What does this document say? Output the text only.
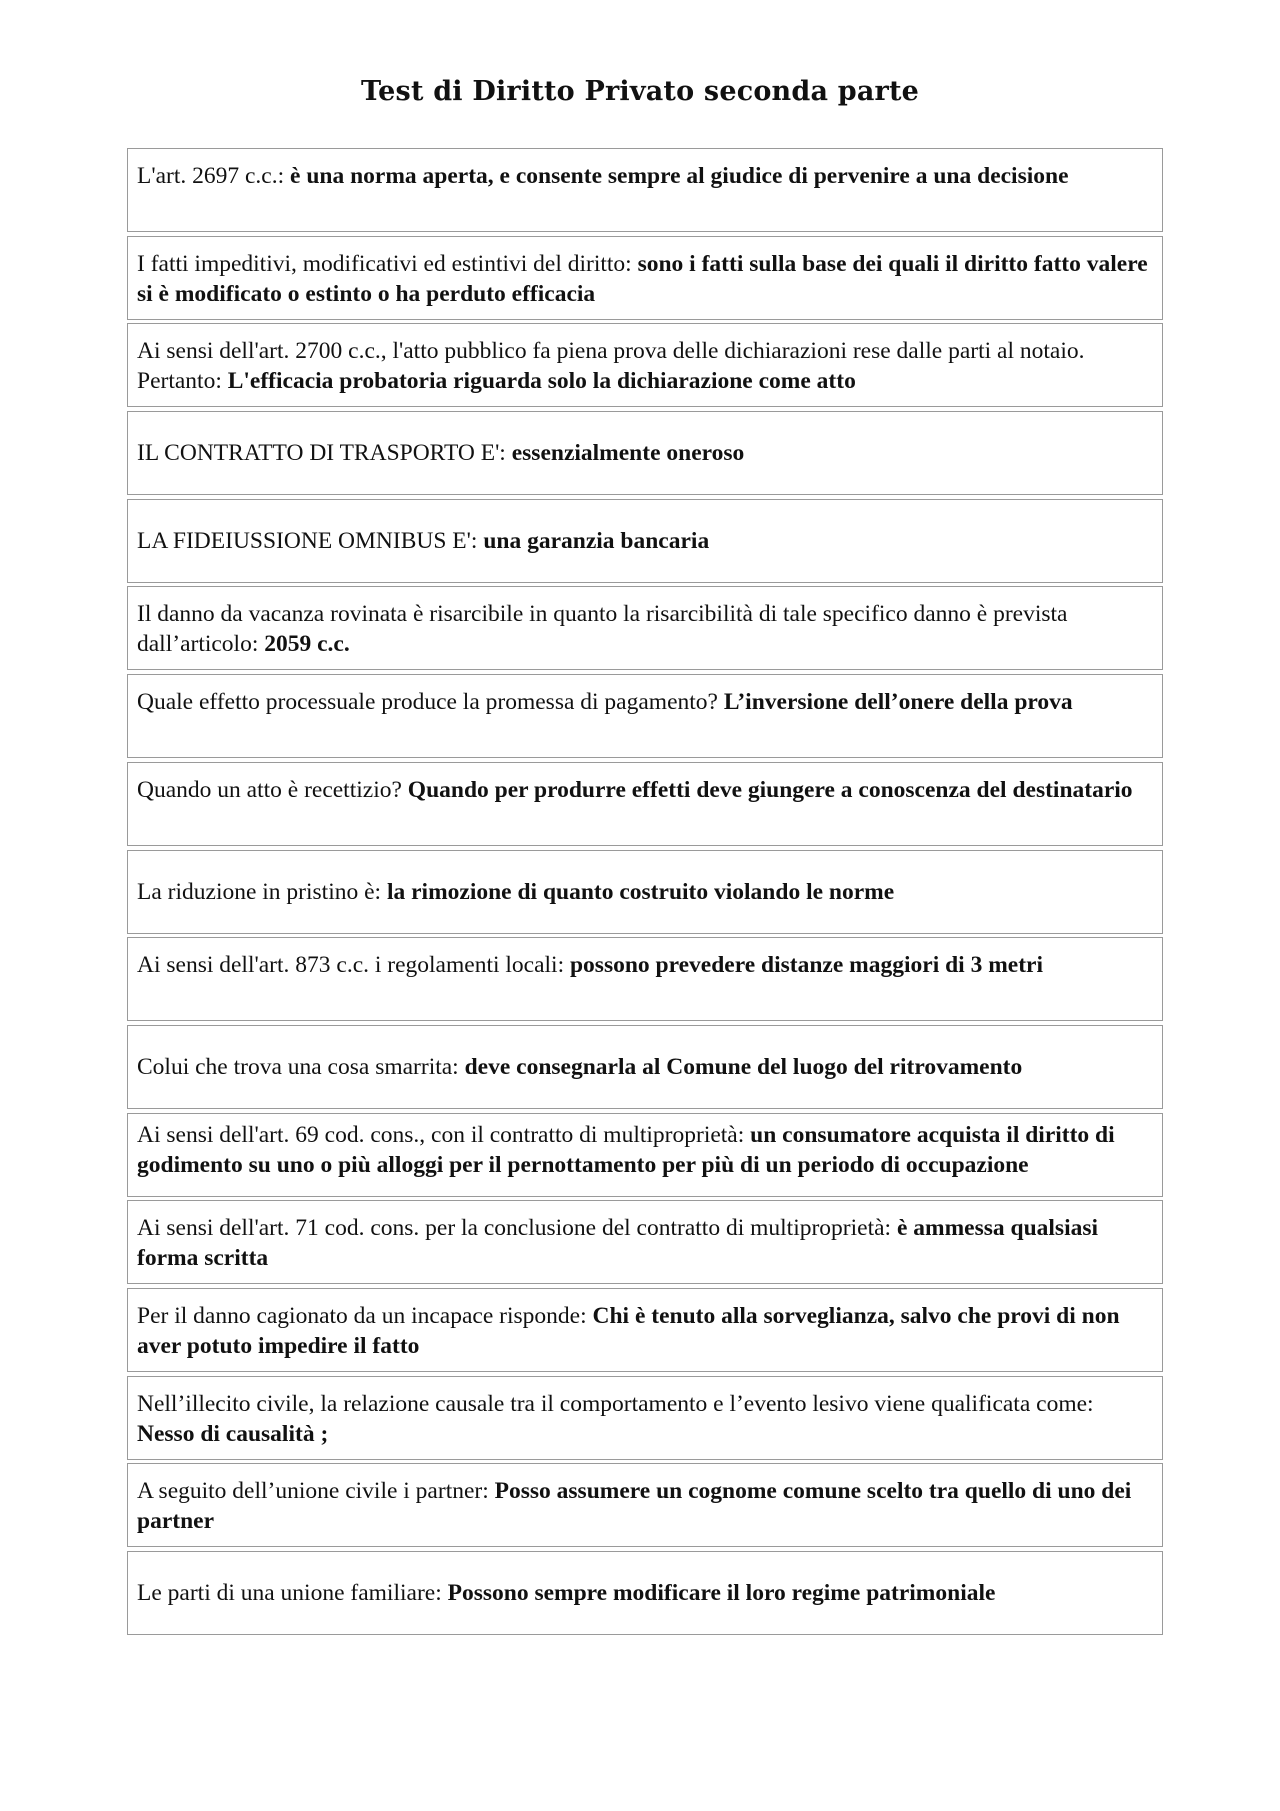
Test di Diritto Privato seconda parte

L'art. 2697 c.c.: è una norma aperta, e consente sempre al giudice di pervenire a una decisione

I fatti impeditivi, modificativi ed estintivi del diritto: sono i fatti sulla base dei quali il diritto fatto valere si è modificato o estinto o ha perduto efficacia

Ai sensi dell'art. 2700 c.c., l'atto pubblico fa piena prova delle dichiarazioni rese dalle parti al notaio. Pertanto: L'efficacia probatoria riguarda solo la dichiarazione come atto

IL CONTRATTO DI TRASPORTO E': essenzialmente oneroso

LA FIDEIUSSIONE OMNIBUS E': una garanzia bancaria

Il danno da vacanza rovinata è risarcibile in quanto la risarcibilità di tale specifico danno è prevista dall’articolo: 2059 c.c.

Quale effetto processuale produce la promessa di pagamento? L’inversione dell’onere della prova

Quando un atto è recettizio? Quando per produrre effetti deve giungere a conoscenza del destinatario

La riduzione in pristino è: la rimozione di quanto costruito violando le norme

Ai sensi dell'art. 873 c.c. i regolamenti locali: possono prevedere distanze maggiori di 3 metri

Colui che trova una cosa smarrita: deve consegnarla al Comune del luogo del ritrovamento

Ai sensi dell'art. 69 cod. cons., con il contratto di multiproprietà: un consumatore acquista il diritto di godimento su uno o più alloggi per il pernottamento per più di un periodo di occupazione

Ai sensi dell'art. 71 cod. cons. per la conclusione del contratto di multiproprietà: è ammessa qualsiasi forma scritta

Per il danno cagionato da un incapace risponde: Chi è tenuto alla sorveglianza, salvo che provi di non aver potuto impedire il fatto

Nell’illecito civile, la relazione causale tra il comportamento e l’evento lesivo viene qualificata come: Nesso di causalità ;

A seguito dell’unione civile i partner: Posso assumere un cognome comune scelto tra quello di uno dei partner

Le parti di una unione familiare: Possono sempre modificare il loro regime patrimoniale
